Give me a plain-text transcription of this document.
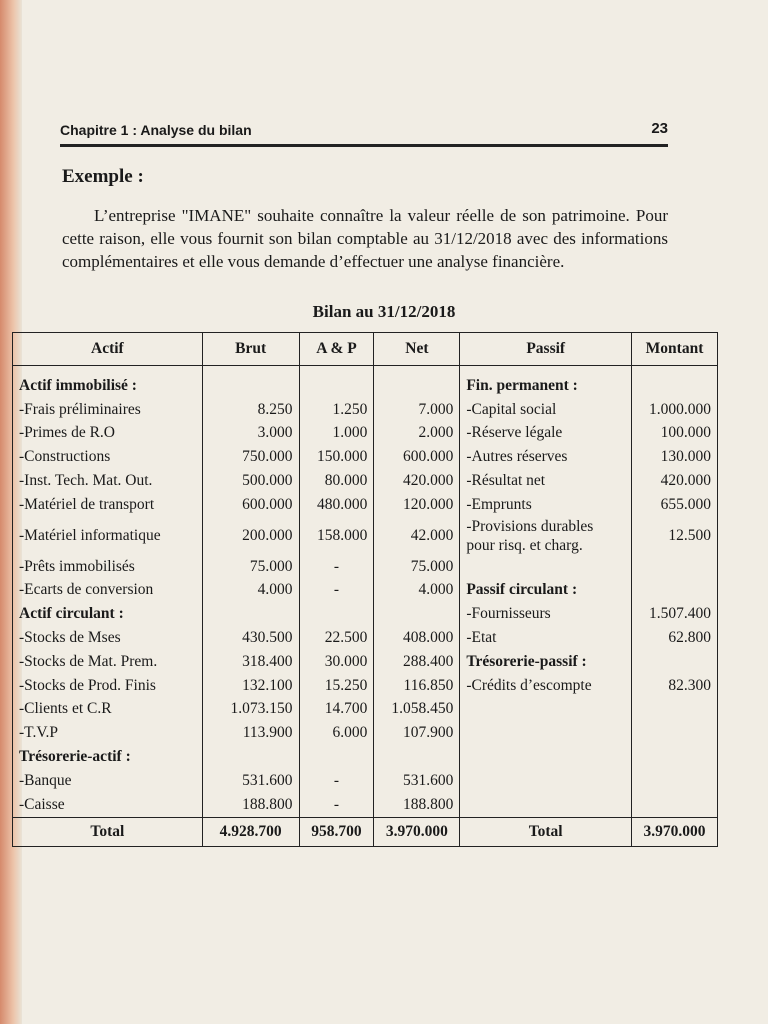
Chapitre 1 : Analyse du bilan	23
Exemple :

L’entreprise "IMANE" souhaite connaître la valeur réelle de son patrimoine. Pour cette raison, elle vous fournit son bilan comptable au 31/12/2018 avec des informations complémentaires et elle vous demande d’effectuer une analyse financière.

Bilan au 31/12/2018
Actif	Brut	A & P	Net	Passif	Montant
Actif immobilisé :				Fin. permanent :	
-Frais préliminaires	8.250	1.250	7.000	-Capital social	1.000.000
-Primes de R.O	3.000	1.000	2.000	-Réserve légale	100.000
-Constructions	750.000	150.000	600.000	-Autres réserves	130.000
-Inst. Tech. Mat. Out.	500.000	80.000	420.000	-Résultat net	420.000
-Matériel de transport	600.000	480.000	120.000	-Emprunts	655.000
-Matériel informatique	200.000	158.000	42.000	-Provisions durables pour risq. et charg.	12.500
-Prêts immobilisés	75.000	-	75.000		
-Ecarts de conversion	4.000	-	4.000	Passif circulant :	
Actif circulant :				-Fournisseurs	1.507.400
-Stocks de Mses	430.500	22.500	408.000	-Etat	62.800
-Stocks de Mat. Prem.	318.400	30.000	288.400	Trésorerie-passif :	
-Stocks de Prod. Finis	132.100	15.250	116.850	-Crédits d’escompte	82.300
-Clients et C.R	1.073.150	14.700	1.058.450		
-T.V.P	113.900	6.000	107.900		
Trésorerie-actif :					
-Banque	531.600	-	531.600		
-Caisse	188.800	-	188.800		
Total	4.928.700	958.700	3.970.000	Total	3.970.000
